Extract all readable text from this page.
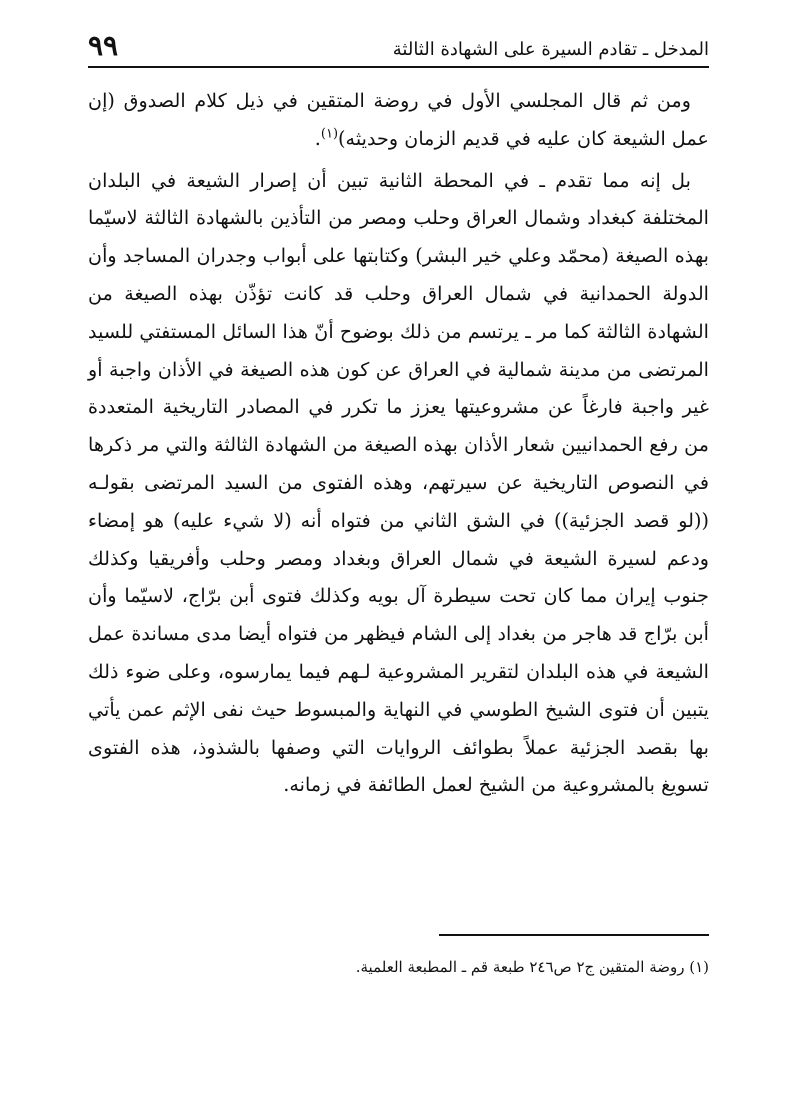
المدخل ـ تقادم السيرة على الشهادة الثالثة
٩٩

ومن ثم قال المجلسي الأول في روضة المتقين في ذيل كلام الصدوق (إن عمل الشيعة كان عليه في قديم الزمان وحديثه)$^{(١)}$.

بل إنه مما تقدم ـ في المحطة الثانية تبين أن إصرار الشيعة في البلدان المختلفة كبغداد وشمال العراق وحلب ومصر من التأذين بالشهادة الثالثة لاسيّما بهذه الصيغة (محمّد وعلي خير البشر) وكتابتها على أبواب وجدران المساجد وأن الدولة الحمدانية في شمال العراق وحلب قد كانت تؤذّن بهذه الصيغة من الشهادة الثالثة كما مر ـ يرتسم من ذلك بوضوح أنّ هذا السائل المستفتي للسيد المرتضى من مدينة شمالية في العراق عن كون هذه الصيغة في الأذان واجبة أو غير واجبة فارغاً عن مشروعيتها يعزز ما تكرر في المصادر التاريخية المتعددة من رفع الحمدانيين شعار الأذان بهذه الصيغة من الشهادة الثالثة والتي مر ذكرها في النصوص التاريخية عن سيرتهم، وهذه الفتوى من السيد المرتضى بقولـه ((لو قصد الجزئية)) في الشق الثاني من فتواه أنه (لا شيء عليه) هو إمضاء ودعم لسيرة الشيعة في شمال العراق وبغداد ومصر وحلب وأفريقيا وكذلك جنوب إيران مما كان تحت سيطرة آل بويه وكذلك فتوى أبن برّاج، لاسيّما وأن أبن برّاج قد هاجر من بغداد إلى الشام فيظهر من فتواه أيضا مدى مساندة عمل الشيعة في هذه البلدان لتقرير المشروعية لـهم فيما يمارسوه، وعلى ضوء ذلك يتبين أن فتوى الشيخ الطوسي في النهاية والمبسوط حيث نفى الإثم عمن يأتي بها بقصد الجزئية عملاً بطوائف الروايات التي وصفها بالشذوذ، هذه الفتوى تسويغ بالمشروعية من الشيخ لعمل الطائفة في زمانه.

(١) روضة المتقين ج٢ ص٢٤٦ طبعة قم ـ المطبعة العلمية.
